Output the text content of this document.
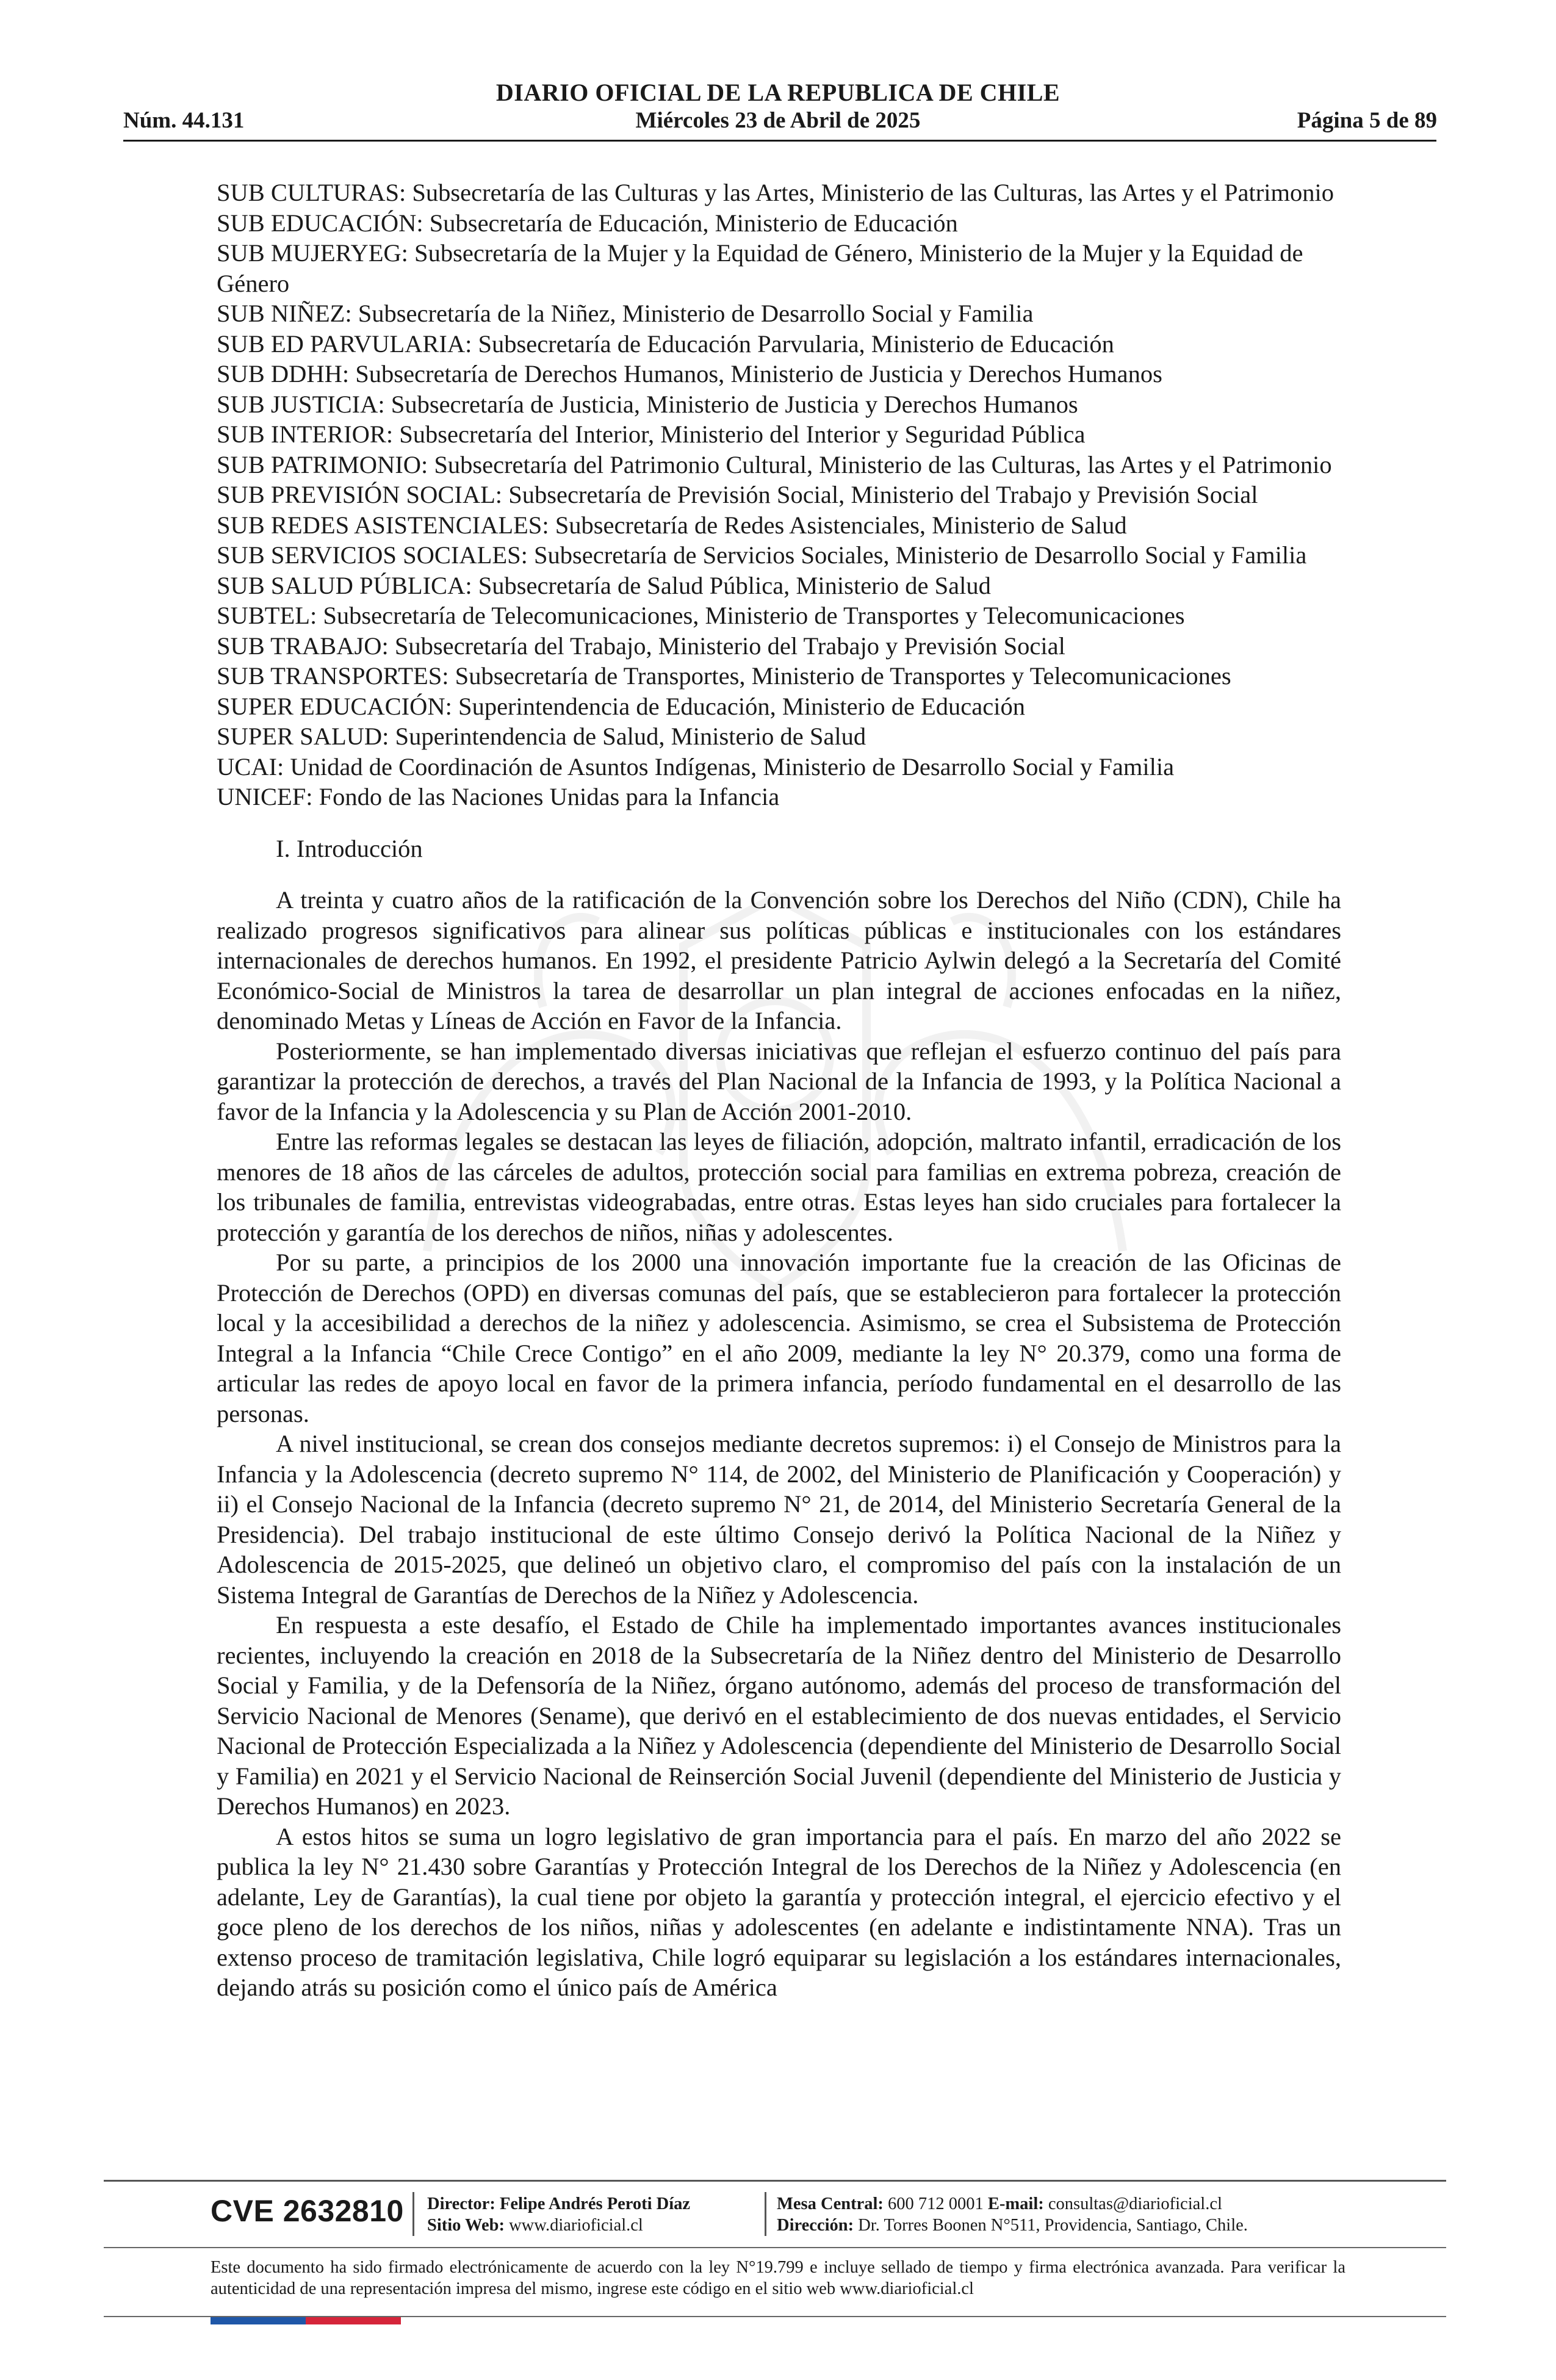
DIARIO OFICIAL DE LA REPUBLICA DE CHILE
Núm. 44.131	Miércoles 23 de Abril de 2025	Página 5 de 89

SUB CULTURAS: Subsecretaría de las Culturas y las Artes, Ministerio de las Culturas, las Artes y el Patrimonio

SUB EDUCACIÓN: Subsecretaría de Educación, Ministerio de Educación

SUB MUJERYEG: Subsecretaría de la Mujer y la Equidad de Género, Ministerio de la Mujer y la Equidad de Género

SUB NIÑEZ: Subsecretaría de la Niñez, Ministerio de Desarrollo Social y Familia

SUB ED PARVULARIA: Subsecretaría de Educación Parvularia, Ministerio de Educación

SUB DDHH: Subsecretaría de Derechos Humanos, Ministerio de Justicia y Derechos Humanos

SUB JUSTICIA: Subsecretaría de Justicia, Ministerio de Justicia y Derechos Humanos

SUB INTERIOR: Subsecretaría del Interior, Ministerio del Interior y Seguridad Pública

SUB PATRIMONIO: Subsecretaría del Patrimonio Cultural, Ministerio de las Culturas, las Artes y el Patrimonio

SUB PREVISIÓN SOCIAL: Subsecretaría de Previsión Social, Ministerio del Trabajo y Previsión Social

SUB REDES ASISTENCIALES: Subsecretaría de Redes Asistenciales, Ministerio de Salud

SUB SERVICIOS SOCIALES: Subsecretaría de Servicios Sociales, Ministerio de Desarrollo Social y Familia

SUB SALUD PÚBLICA: Subsecretaría de Salud Pública, Ministerio de Salud

SUBTEL: Subsecretaría de Telecomunicaciones, Ministerio de Transportes y Telecomunicaciones

SUB TRABAJO: Subsecretaría del Trabajo, Ministerio del Trabajo y Previsión Social

SUB TRANSPORTES: Subsecretaría de Transportes, Ministerio de Transportes y Telecomunicaciones

SUPER EDUCACIÓN: Superintendencia de Educación, Ministerio de Educación

SUPER SALUD: Superintendencia de Salud, Ministerio de Salud

UCAI: Unidad de Coordinación de Asuntos Indígenas, Ministerio de Desarrollo Social y Familia

UNICEF: Fondo de las Naciones Unidas para la Infancia

I. Introducción

A treinta y cuatro años de la ratificación de la Convención sobre los Derechos del Niño (CDN), Chile ha realizado progresos significativos para alinear sus políticas públicas e institucionales con los estándares internacionales de derechos humanos. En 1992, el presidente Patricio Aylwin delegó a la Secretaría del Comité Económico-Social de Ministros la tarea de desarrollar un plan integral de acciones enfocadas en la niñez, denominado Metas y Líneas de Acción en Favor de la Infancia.

Posteriormente, se han implementado diversas iniciativas que reflejan el esfuerzo continuo del país para garantizar la protección de derechos, a través del Plan Nacional de la Infancia de 1993, y la Política Nacional a favor de la Infancia y la Adolescencia y su Plan de Acción 2001-2010.

Entre las reformas legales se destacan las leyes de filiación, adopción, maltrato infantil, erradicación de los menores de 18 años de las cárceles de adultos, protección social para familias en extrema pobreza, creación de los tribunales de familia, entrevistas videograbadas, entre otras. Estas leyes han sido cruciales para fortalecer la protección y garantía de los derechos de niños, niñas y adolescentes.

Por su parte, a principios de los 2000 una innovación importante fue la creación de las Oficinas de Protección de Derechos (OPD) en diversas comunas del país, que se establecieron para fortalecer la protección local y la accesibilidad a derechos de la niñez y adolescencia. Asimismo, se crea el Subsistema de Protección Integral a la Infancia “Chile Crece Contigo” en el año 2009, mediante la ley N° 20.379, como una forma de articular las redes de apoyo local en favor de la primera infancia, período fundamental en el desarrollo de las personas.

A nivel institucional, se crean dos consejos mediante decretos supremos: i) el Consejo de Ministros para la Infancia y la Adolescencia (decreto supremo N° 114, de 2002, del Ministerio de Planificación y Cooperación) y ii) el Consejo Nacional de la Infancia (decreto supremo N° 21, de 2014, del Ministerio Secretaría General de la Presidencia). Del trabajo institucional de este último Consejo derivó la Política Nacional de la Niñez y Adolescencia de 2015-2025, que delineó un objetivo claro, el compromiso del país con la instalación de un Sistema Integral de Garantías de Derechos de la Niñez y Adolescencia.

En respuesta a este desafío, el Estado de Chile ha implementado importantes avances institucionales recientes, incluyendo la creación en 2018 de la Subsecretaría de la Niñez dentro del Ministerio de Desarrollo Social y Familia, y de la Defensoría de la Niñez, órgano autónomo, además del proceso de transformación del Servicio Nacional de Menores (Sename), que derivó en el establecimiento de dos nuevas entidades, el Servicio Nacional de Protección Especializada a la Niñez y Adolescencia (dependiente del Ministerio de Desarrollo Social y Familia) en 2021 y el Servicio Nacional de Reinserción Social Juvenil (dependiente del Ministerio de Justicia y Derechos Humanos) en 2023.

A estos hitos se suma un logro legislativo de gran importancia para el país. En marzo del año 2022 se publica la ley N° 21.430 sobre Garantías y Protección Integral de los Derechos de la Niñez y Adolescencia (en adelante, Ley de Garantías), la cual tiene por objeto la garantía y protección integral, el ejercicio efectivo y el goce pleno de los derechos de los niños, niñas y adolescentes (en adelante e indistintamente NNA). Tras un extenso proceso de tramitación legislativa, Chile logró equiparar su legislación a los estándares internacionales, dejando atrás su posición como el único país de América

CVE 2632810 Director: Felipe Andrés Peroti Díaz
Sitio Web: www.diarioficial.cl
Mesa Central: 600 712 0001 E-mail: consultas@diarioficial.cl
Dirección: Dr. Torres Boonen N°511, Providencia, Santiago, Chile.
Este documento ha sido firmado electrónicamente de acuerdo con la ley N°19.799 e incluye sellado de tiempo y firma electrónica avanzada. Para verificar la autenticidad de una representación impresa del mismo, ingrese este código en el sitio web www.diarioficial.cl
